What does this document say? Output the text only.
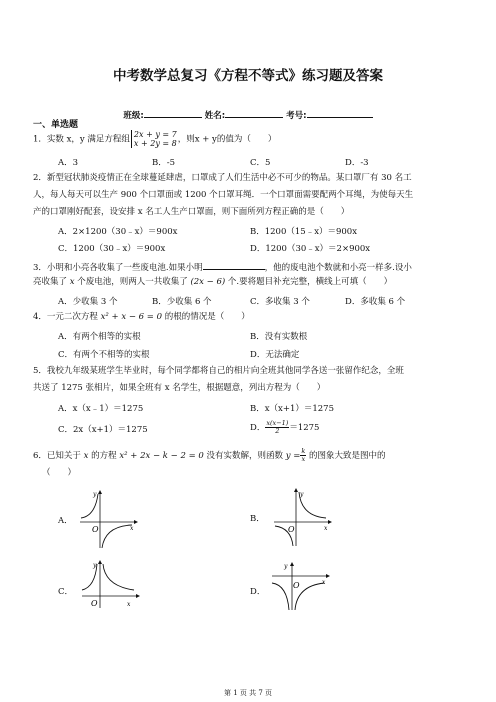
中考数学总复习《方程不等式》练习题及答案
班级:	姓名:	考号:
一、单选题
1．实数 x，y 满足方程组 2x + y = 7
x + 2y = 8，则x + y的值为（　　）
A．3	B．-5	C．5	D．-3
2．新型冠状肺炎疫情正在全球蔓延肆虐，口罩成了人们生活中必不可少的物品。某口罩厂有 30 名工
人，每人每天可以生产 900 个口罩面或 1200 个口罩耳绳．一个口罩面需要配两个耳绳，为使每天生
产的口罩刚好配套，设安排 x 名工人生产口罩面，则下面所列方程正确的是（　　）
A．2×1200（30﹣x）＝900x	B．1200（15﹣x）＝900x
C．1200（30﹣x）＝900x	D．1200（30﹣x）＝2×900x
3．小明和小亮各收集了一些废电池.如果小明	，他的废电池个数就和小亮一样多.设小
亮收集了 x 个废电池，则两人一共收集了 (2x − 6) 个.要将题目补充完整，横线上可填（　　）
A．少收集 3 个	B．少收集 6 个	C．多收集 3 个	D．多收集 6 个
4．一元二次方程 x² + x − 6 = 0 的根的情况是（　　）
A．有两个相等的实根	B．没有实数根
C．有两个不相等的实根	D．无法确定
5．我校九年级某班学生毕业时，每个同学都将自己的相片向全班其他同学各送一张留作纪念，全班
共送了 1275 张相片，如果全班有 x 名学生，根据题意，列出方程为（　　）
A．x（x﹣1）＝1275	B．x（x+1）＝1275
C．2x（x+1）＝1275	D． $\frac{x(x-1)}{2}=1275$
6．已知关于 x 的方程 x² + 2x − k − 2 = 0 没有实数解，则函数 $y = \frac{k}{x}$ 的图象大致是图中的
（　　）
A．	B．
C．	D．
O
y
x	O
y
x
O
y
x
O
y
x
第 1 页 共 7 页
